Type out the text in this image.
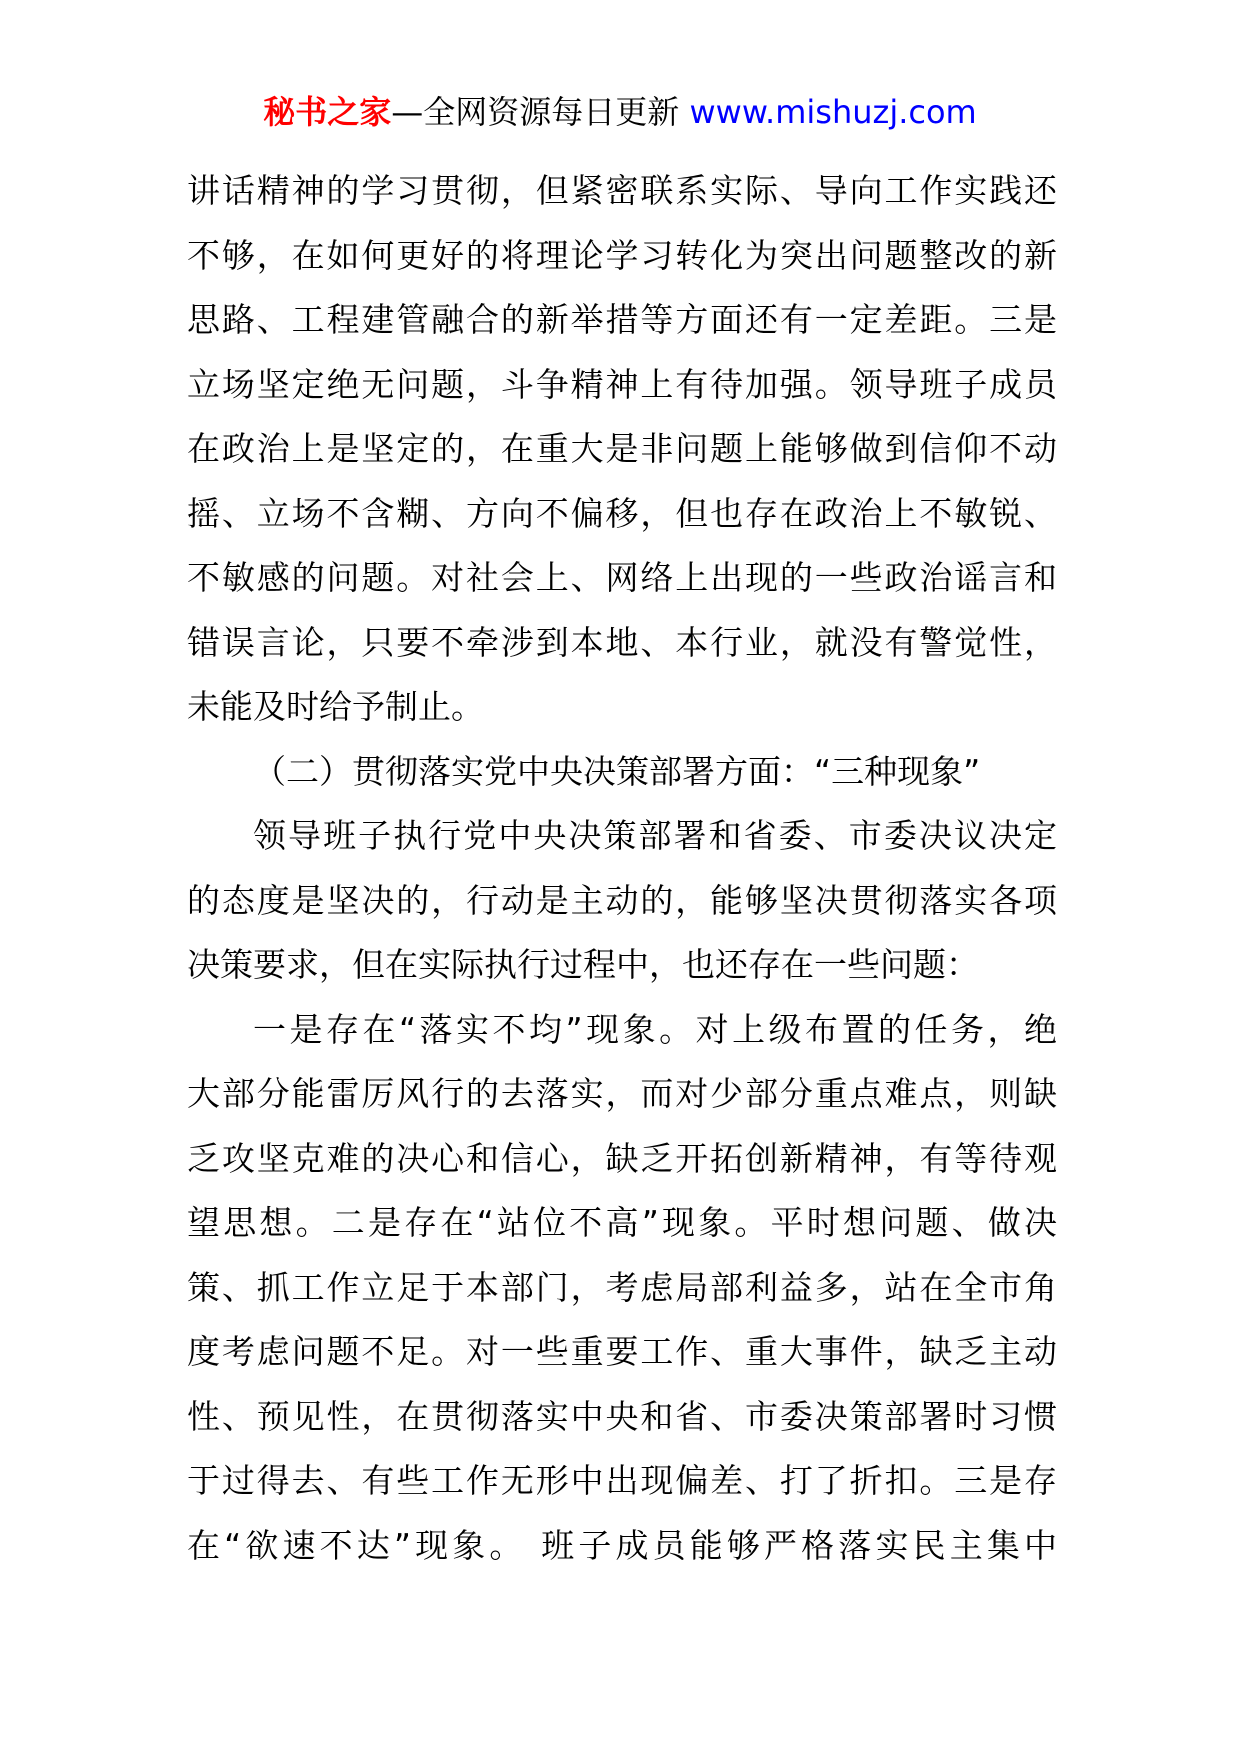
秘书之家—全网资源每日更新 www.mishuzj.com
讲话精神的学习贯彻，但紧密联系实际、导向工作实践还
不够，在如何更好的将理论学习转化为突出问题整改的新
思路、工程建管融合的新举措等方面还有一定差距。三是
立场坚定绝无问题，斗争精神上有待加强。领导班子成员
在政治上是坚定的，在重大是非问题上能够做到信仰不动
摇、立场不含糊、方向不偏移，但也存在政治上不敏锐、
不敏感的问题。对社会上、网络上出现的一些政治谣言和
错误言论，只要不牵涉到本地、本行业，就没有警觉性，
未能及时给予制止。
（二）贯彻落实党中央决策部署方面：“三种现象”
领导班子执行党中央决策部署和省委、市委决议决定
的态度是坚决的，行动是主动的，能够坚决贯彻落实各项
决策要求，但在实际执行过程中，也还存在一些问题：
一是存在“落实不均”现象。对上级布置的任务，绝
大部分能雷厉风行的去落实，而对少部分重点难点，则缺
乏攻坚克难的决心和信心，缺乏开拓创新精神，有等待观
望思想。二是存在“站位不高”现象。平时想问题、做决
策、抓工作立足于本部门，考虑局部利益多，站在全市角
度考虑问题不足。对一些重要工作、重大事件，缺乏主动
性、预见性，在贯彻落实中央和省、市委决策部署时习惯
于过得去、有些工作无形中出现偏差、打了折扣。三是存
在“欲速不达”现象。 班子成员能够严格落实民主集中
